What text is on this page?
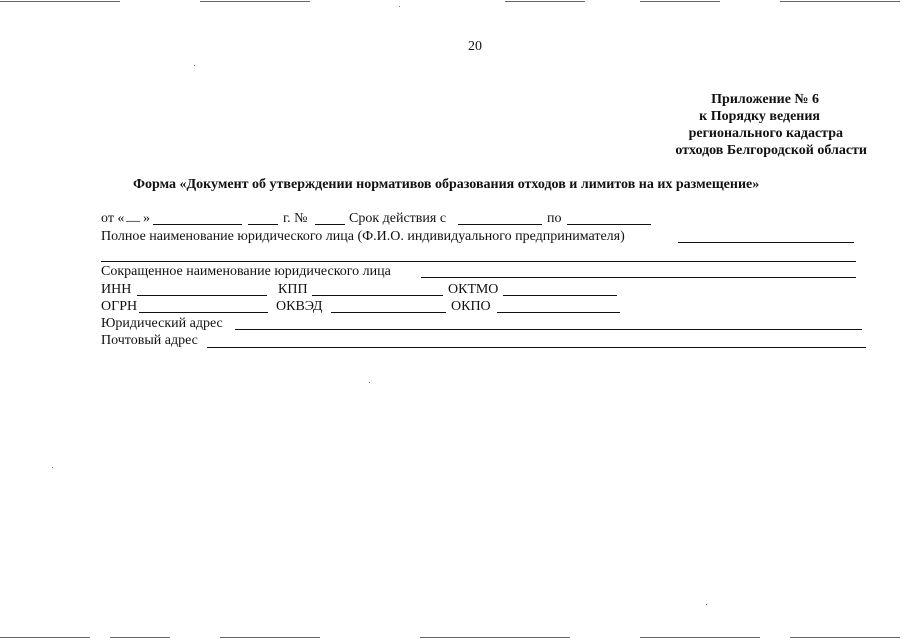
20
Приложение № 6
к Порядку ведения
регионального кадастра
отходов Белгородской области
Форма «Документ об утверждении нормативов образования отходов и лимитов на их размещение»
от « __ »	г. №	Срок действия с	по
Полное наименование юридического лица (Ф.И.О. индивидуального предпринимателя)
Сокращенное наименование юридического лица
ИНН	КПП	ОКТМО
ОГРН	ОКВЭД	ОКПО
Юридический адрес
Почтовый адрес
